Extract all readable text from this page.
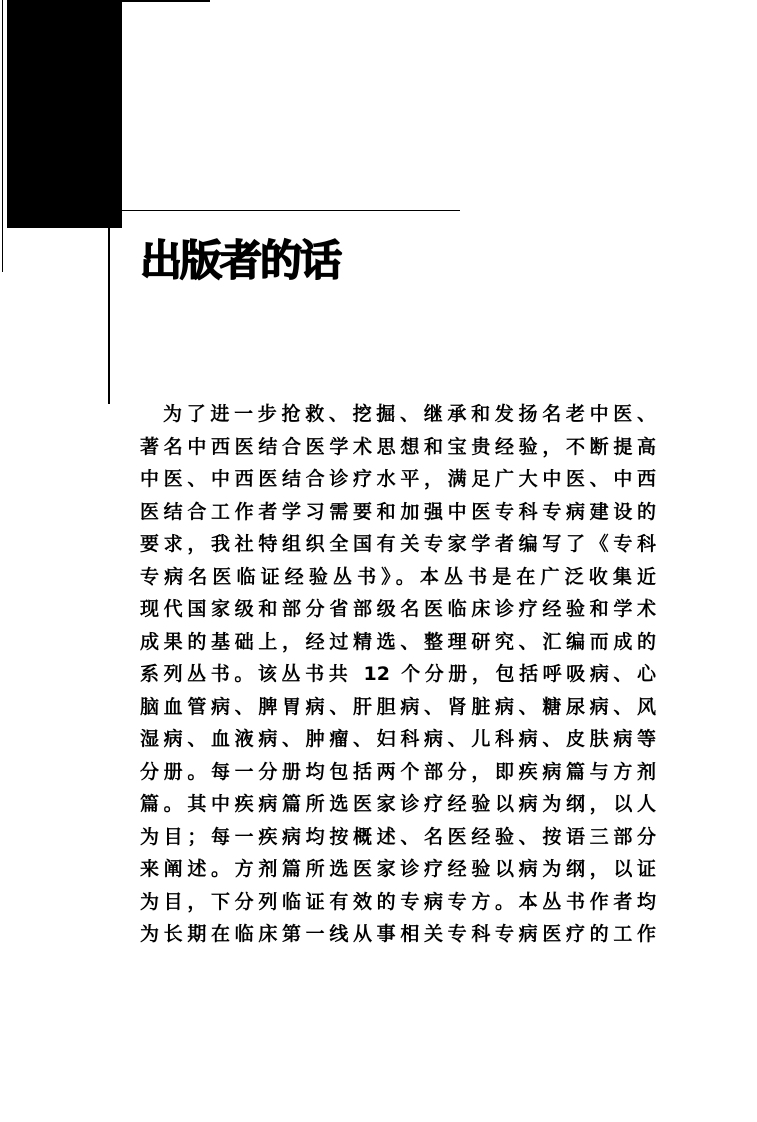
出版者的话
为了进一步抢救、挖掘、继承和发扬名老中医、
著名中西医结合医学术思想和宝贵经验，不断提高
中医、中西医结合诊疗水平，满足广大中医、中西
医结合工作者学习需要和加强中医专科专病建设的
要求，我社特组织全国有关专家学者编写了《专科
专病名医临证经验丛书》。本丛书是在广泛收集近
现代国家级和部分省部级名医临床诊疗经验和学术
成果的基础上，经过精选、整理研究、汇编而成的
系列丛书。该丛书共 12 个分册，包括呼吸病、心
脑血管病、脾胃病、肝胆病、肾脏病、糖尿病、风
湿病、血液病、肿瘤、妇科病、儿科病、皮肤病等
分册。每一分册均包括两个部分，即疾病篇与方剂
篇。其中疾病篇所选医家诊疗经验以病为纲，以人
为目；每一疾病均按概述、名医经验、按语三部分
来阐述。方剂篇所选医家诊疗经验以病为纲，以证
为目，下分列临证有效的专病专方。本丛书作者均
为长期在临床第一线从事相关专科专病医疗的工作
